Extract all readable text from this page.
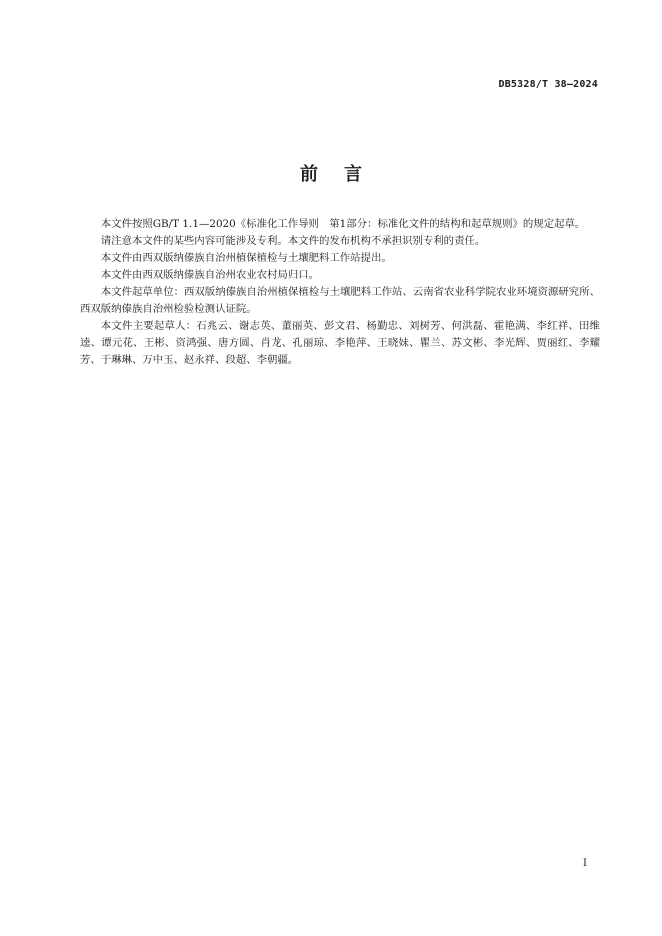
DB5328/T 38—2024
前言

本文件按照GB/T 1.1—2020《标准化工作导则　第1部分：标准化文件的结构和起草规则》的规定起草。

请注意本文件的某些内容可能涉及专利。本文件的发布机构不承担识别专利的责任。

本文件由西双版纳傣族自治州植保植检与土壤肥料工作站提出。

本文件由西双版纳傣族自治州农业农村局归口。

本文件起草单位：西双版纳傣族自治州植保植检与土壤肥料工作站、云南省农业科学院农业环境资源研究所、西双版纳傣族自治州检验检测认证院。

本文件主要起草人：石兆云、谢志英、董丽英、彭文君、杨勤忠、刘树芳、何洪磊、霍艳满、李红祥、田维逵、谭元花、王彬、资鸿强、唐方圆、肖龙、孔丽琼、李艳萍、王晓妹、瞿兰、苏文彬、李光辉、贾丽红、李耀芳、于琳琳、万中玉、赵永祥、段超、李朝疆。

I
